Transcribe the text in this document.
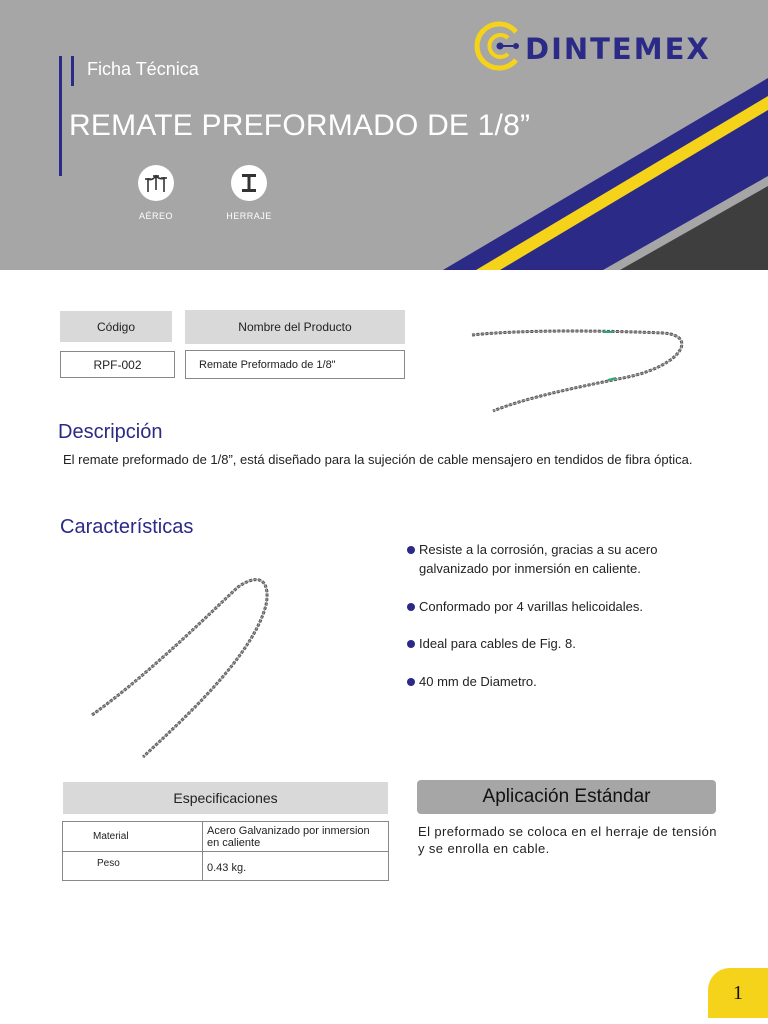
Ficha Técnica
REMATE PREFORMADO DE 1/8”
AÉREO	HERRAJE
DINTEMEX
Código	Nombre del Producto
RPF-002	Remate Preformado de 1/8"
Descripción
El remate preformado de 1/8”, está diseñado para la sujeción de cable mensajero en tendidos de fibra óptica.
Características
Resiste a la corrosión, gracias a su acero galvanizado por inmersión en caliente.
Conformado por 4 varillas helicoidales.
Ideal para cables de Fig. 8.
40 mm de Diametro.
Especificaciones
Material	Acero Galvanizado por inmersion en caliente
Peso	0.43 kg.
Aplicación Estándar
El preformado se coloca en el herraje de tensión y se enrolla en cable.
1
